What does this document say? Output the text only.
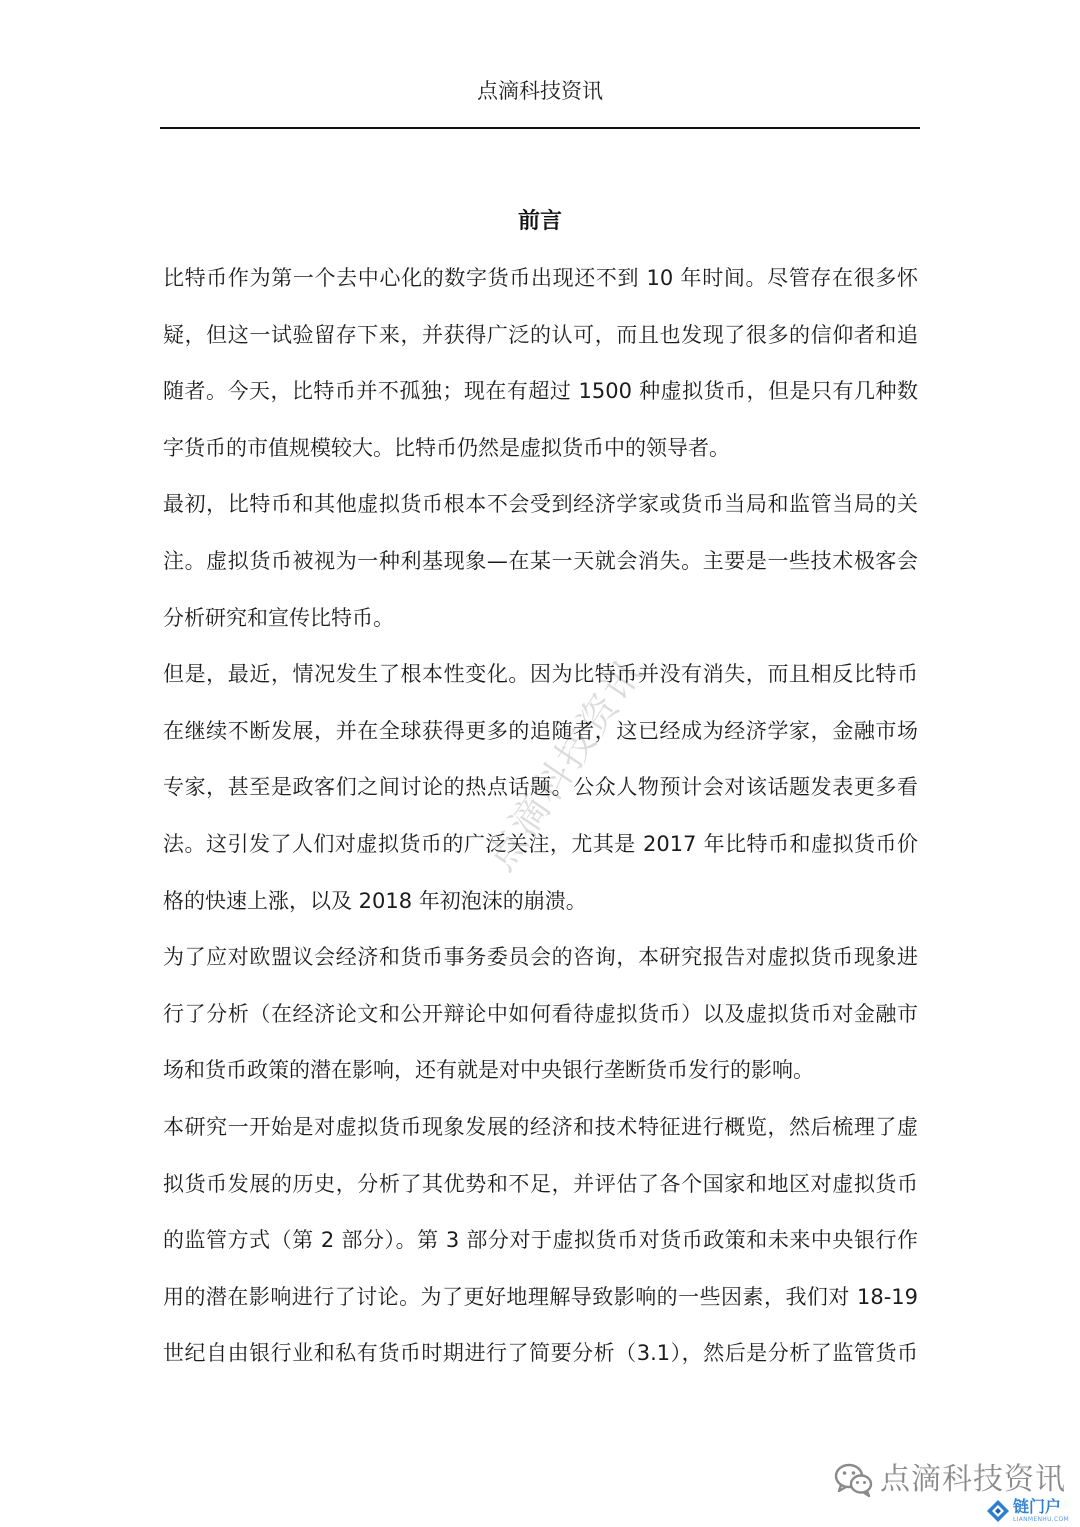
点滴科技资讯
前言
比特币作为第一个去中心化的数字货币出现还不到 10 年时间。尽管存在很多怀
疑，但这一试验留存下来，并获得广泛的认可，而且也发现了很多的信仰者和追
随者。今天，比特币并不孤独；现在有超过 1500 种虚拟货币，但是只有几种数
字货币的市值规模较大。比特币仍然是虚拟货币中的领导者。
最初，比特币和其他虚拟货币根本不会受到经济学家或货币当局和监管当局的关
注。虚拟货币被视为一种利基现象—在某一天就会消失。主要是一些技术极客会
分析研究和宣传比特币。
但是，最近，情况发生了根本性变化。因为比特币并没有消失，而且相反比特币
在继续不断发展，并在全球获得更多的追随者，这已经成为经济学家，金融市场
专家，甚至是政客们之间讨论的热点话题。公众人物预计会对该话题发表更多看
法。这引发了人们对虚拟货币的广泛关注，尤其是 2017 年比特币和虚拟货币价
格的快速上涨，以及 2018 年初泡沫的崩溃。
为了应对欧盟议会经济和货币事务委员会的咨询，本研究报告对虚拟货币现象进
行了分析（在经济论文和公开辩论中如何看待虚拟货币）以及虚拟货币对金融市
场和货币政策的潜在影响，还有就是对中央银行垄断货币发行的影响。
本研究一开始是对虚拟货币现象发展的经济和技术特征进行概览，然后梳理了虚
拟货币发展的历史，分析了其优势和不足，并评估了各个国家和地区对虚拟货币
的监管方式（第 2 部分）。第 3 部分对于虚拟货币对货币政策和未来中央银行作
用的潜在影响进行了讨论。为了更好地理解导致影响的一些因素，我们对 18-19
世纪自由银行业和私有货币时期进行了简要分析（3.1），然后是分析了监管货币
点滴科技资讯
点滴科技资讯
链门户
LIANMENHU.COM
